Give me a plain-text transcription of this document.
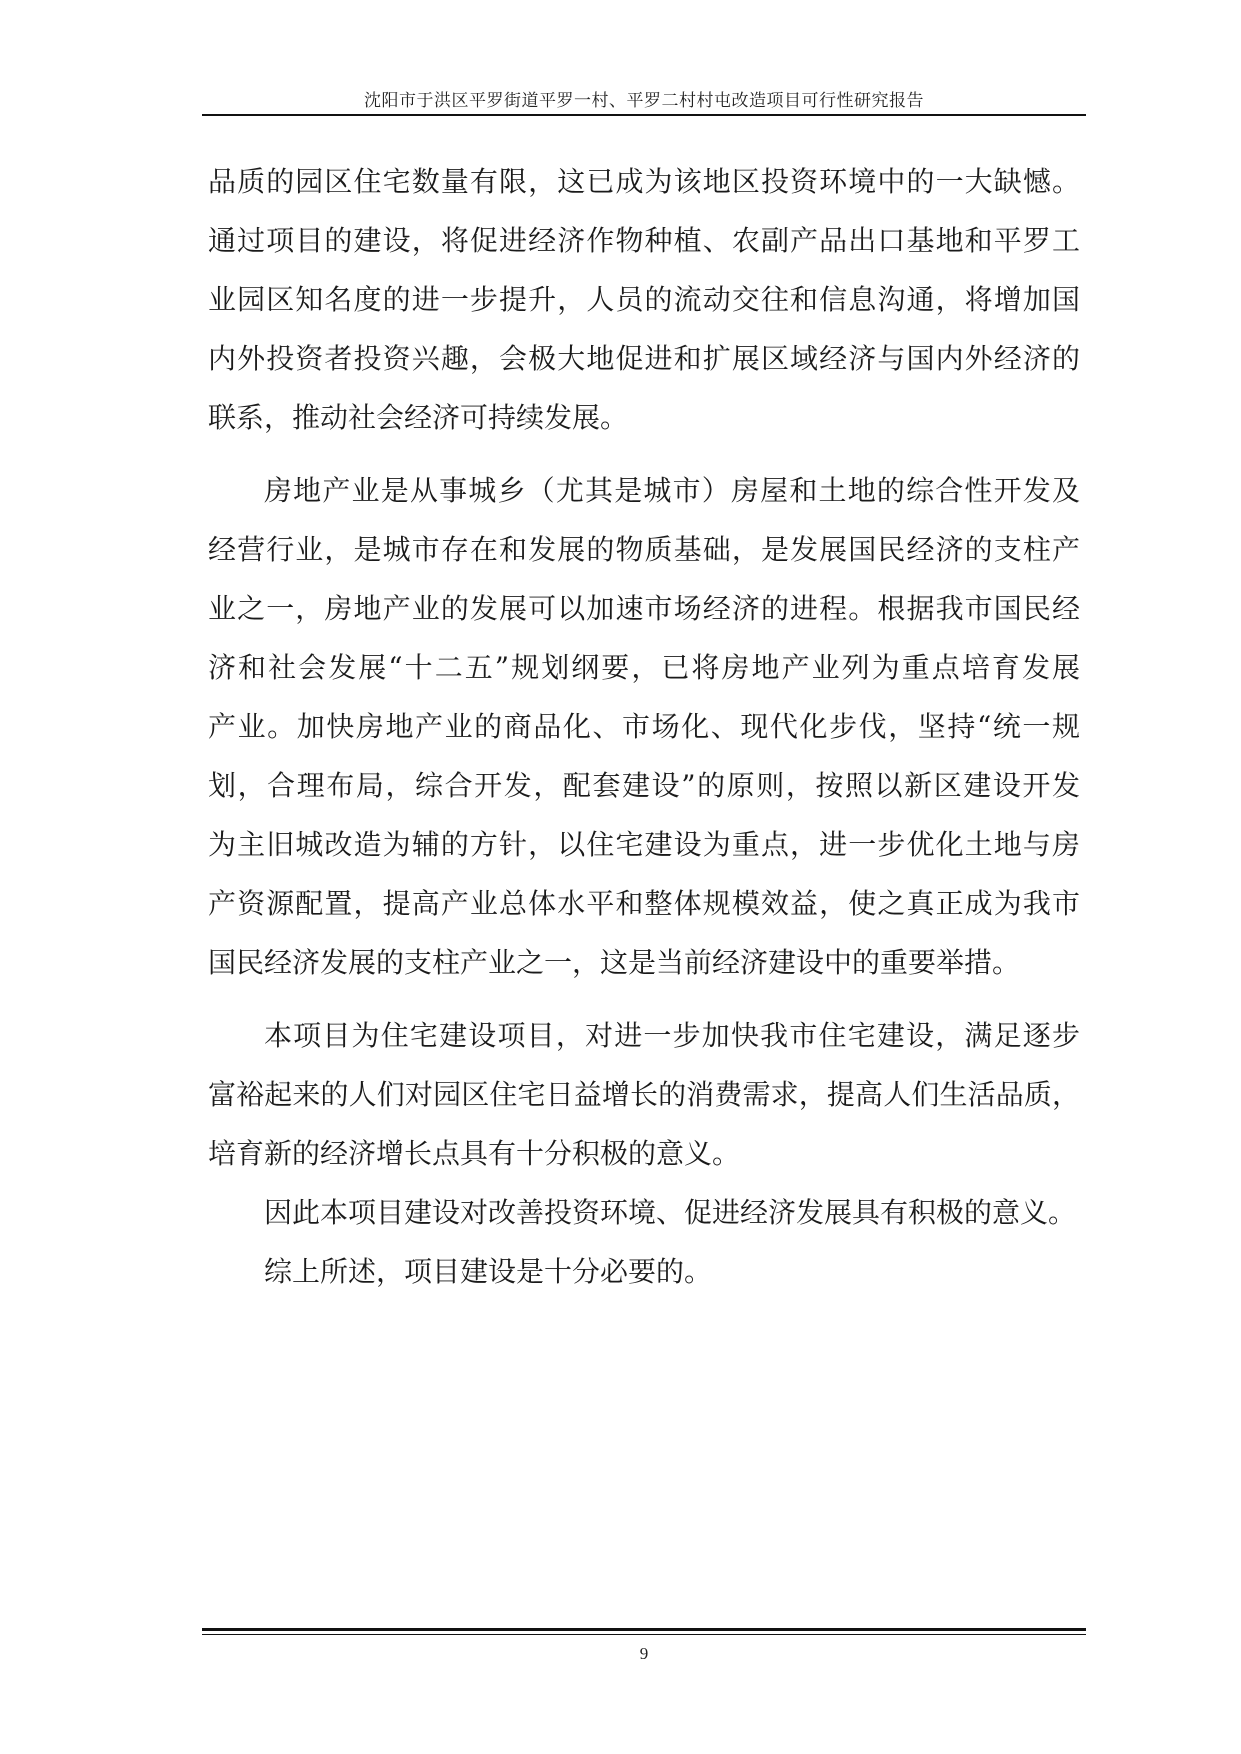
沈阳市于洪区平罗街道平罗一村、平罗二村村屯改造项目可行性研究报告
品质的园区住宅数量有限，这已成为该地区投资环境中的一大缺憾。
通过项目的建设，将促进经济作物种植、农副产品出口基地和平罗工
业园区知名度的进一步提升，人员的流动交往和信息沟通，将增加国
内外投资者投资兴趣，会极大地促进和扩展区域经济与国内外经济的
联系，推动社会经济可持续发展。
房地产业是从事城乡（尤其是城市）房屋和土地的综合性开发及
经营行业，是城市存在和发展的物质基础，是发展国民经济的支柱产
业之一，房地产业的发展可以加速市场经济的进程。根据我市国民经
济和社会发展“十二五”规划纲要，已将房地产业列为重点培育发展
产业。加快房地产业的商品化、市场化、现代化步伐，坚持“统一规
划，合理布局，综合开发，配套建设”的原则，按照以新区建设开发
为主旧城改造为辅的方针，以住宅建设为重点，进一步优化土地与房
产资源配置，提高产业总体水平和整体规模效益，使之真正成为我市
国民经济发展的支柱产业之一，这是当前经济建设中的重要举措。
本项目为住宅建设项目，对进一步加快我市住宅建设，满足逐步
富裕起来的人们对园区住宅日益增长的消费需求，提高人们生活品质，
培育新的经济增长点具有十分积极的意义。
因此本项目建设对改善投资环境、促进经济发展具有积极的意义。
综上所述，项目建设是十分必要的。
9
